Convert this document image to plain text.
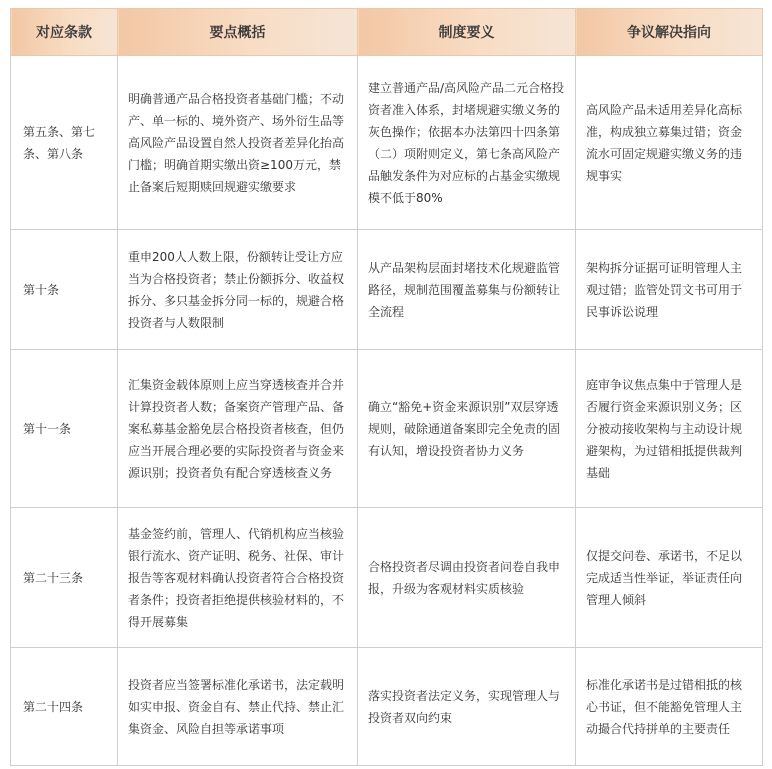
对应条款	要点概括	制度要义	争议解决指向
第五条、第七条、第八条	明确普通产品合格投资者基础门槛；不动产、单一标的、境外资产、场外衍生品等高风险产品设置自然人投资者差异化抬高门槛；明确首期实缴出资≥100万元，禁止备案后短期赎回规避实缴要求	建立普通产品/高风险产品二元合格投资者准入体系，封堵规避实缴义务的灰色操作；依据本办法第四十四条第（二）项附则定义，第七条高风险产品触发条件为对应标的占基金实缴规模不低于80%	高风险产品未适用差异化高标准，构成独立募集过错；资金流水可固定规避实缴义务的违规事实
第十条	重申200人人数上限，份额转让受让方应当为合格投资者；禁止份额拆分、收益权拆分、多只基金拆分同一标的，规避合格投资者与人数限制	从产品架构层面封堵技术化规避监管路径，规制范围覆盖募集与份额转让全流程	架构拆分证据可证明管理人主观过错；监管处罚文书可用于民事诉讼说理
第十一条	汇集资金载体原则上应当穿透核查并合并计算投资者人数；备案资产管理产品、备案私募基金豁免层合格投资者核查，但仍应当开展合理必要的实际投资者与资金来源识别；投资者负有配合穿透核查义务	确立“豁免+资金来源识别”双层穿透规则，破除通道备案即完全免责的固有认知，增设投资者协力义务	庭审争议焦点集中于管理人是否履行资金来源识别义务；区分被动接收架构与主动设计规避架构，为过错相抵提供裁判基础
第二十三条	基金签约前，管理人、代销机构应当核验银行流水、资产证明、税务、社保、审计报告等客观材料确认投资者符合合格投资者条件；投资者拒绝提供核验材料的，不得开展募集	合格投资者尽调由投资者问卷自我申报，升级为客观材料实质核验	仅提交问卷、承诺书，不足以完成适当性举证，举证责任向管理人倾斜
第二十四条	投资者应当签署标准化承诺书，法定载明如实申报、资金自有、禁止代持、禁止汇集资金、风险自担等承诺事项	落实投资者法定义务，实现管理人与投资者双向约束	标准化承诺书是过错相抵的核心书证，但不能豁免管理人主动撮合代持拼单的主要责任
